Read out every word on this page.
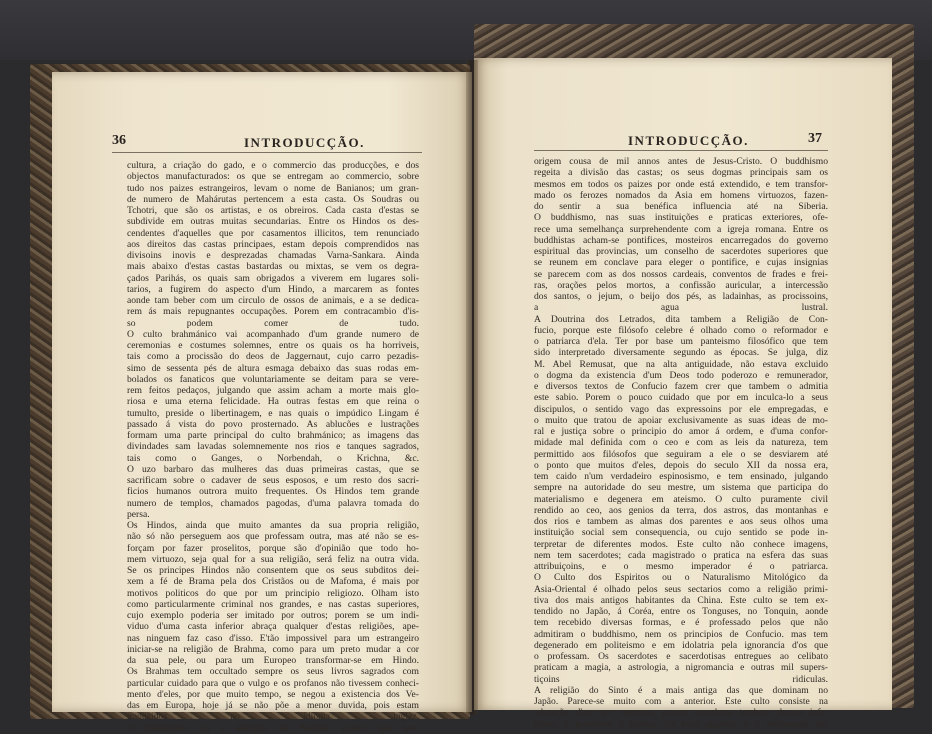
36	INTRODUCÇÃO.	37
INTRODUCÇÃO.
cultura, a criação do gado, e o commercio das producções, e dos
objectos manufacturados: os que se entregam ao commercio, sobre
tudo nos paizes estrangeiros, levam o nome de Banianos; um gran-
de numero de Mahárutas pertencem a esta casta. Os Soudras ou
Tchotri, que são os artistas, e os obreiros. Cada casta d'estas se
subdivide em outras muitas secundarias. Entre os Hindos os des-
cendentes d'aquelles que por casamentos illicitos, tem renunciado
aos direitos das castas principaes, estam depois comprendidos nas
divisoins inovis e desprezadas chamadas Varna-Sankara. Ainda
mais abaixo d'estas castas bastardas ou mixtas, se vem os degra-
çados Parihás, os quais sam obrigados a viverem em lugares soli-
tarios, a fugirem do aspecto d'um Hindo, a marcarem as fontes
aonde tam beber com um circulo de ossos de animais, e a se dedica-
rem ás mais repugnantes occupações. Porem em contracambio d'is-
so podem comer de tudo.
O culto brahmánico vai acompanhado d'um grande numero de
ceremonias e costumes solemnes, entre os quais os ha horriveis,
tais como a procissão do deos de Jaggernaut, cujo carro pezadis-
simo de sessenta pés de altura esmaga debaixo das suas rodas em-
bolados os fanaticos que voluntariamente se deitam para se vere-
rem feitos pedaços, julgando que assim acham a morte mais glo-
riosa e uma eterna felicidade. Ha outras festas em que reina o
tumulto, preside o libertinagem, e nas quais o impúdico Lingam é
passado á vista do povo prosternado. As ablucões e lustrações
formam uma parte principal do culto brahmánico; as imagens das
divindades sam lavadas solemnemente nos rios e tanques sagrados,
tais como o Ganges, o Norbendah, o Krichna, &c.
O uzo barbaro das mulheres das duas primeiras castas, que se
sacrificam sobre o cadaver de seus esposos, e um resto dos sacri-
ficios humanos outrora muito frequentes. Os Hindos tem grande
numero de templos, chamados pagodas, d'uma palavra tomada do
persa.
Os Hindos, ainda que muito amantes da sua propria religião,
não só não perseguem aos que professam outra, mas até não se es-
forçam por fazer proselitos, porque são d'opinião que todo ho-
mem virtuozo, seja qual for a sua religião, será feliz na outra vida.
Se os principes Hindos não consentem que os seus subditos dei-
xem a fé de Brama pela dos Cristãos ou de Mafoma, é mais por
motivos politicos do que por um principio religiozo. Olham isto
como particularmente criminal nos grandes, e nas castas superiores,
cujo exemplo poderia ser imitado por outros; porem se um indi-
viduo d'uma casta inferior abraça qualquer d'estas religiões, ape-
nas ninguem faz caso d'isso. E'tão impossivel para um estrangeiro
iniciar-se na religião de Brahma, como para um preto mudar a cor
da sua pele, ou para um Europeo transformar-se em Hindo.
Os Brahmas tem occultado sempre os seus livros sagrados com
particular cuidado para que o vulgo e os profanos não tivessem conheci-
mento d'eles, por que muito tempo, se negou a existencia dos Ve-
das em Europa, hoje já se não põe a menor duvida, pois estam
traduzidos no idioma inglez.
O Buddhismo ou a Religião de Buddha, parece que teve
origem cousa de mil annos antes de Jesus-Cristo. O buddhismo
regeita a divisão das castas; os seus dogmas principais sam os
mesmos em todos os paizes por onde está extendido, e tem transfor-
mado os ferozes nomados da Asia em homens virtuozos, fazen-
do sentir a sua benéfica influencia até na Siberia.
O buddhismo, nas suas instituições e praticas exteriores, ofe-
rece uma semelhança surprehendente com a igreja romana. Entre os
buddhistas acham-se pontifices, mosteiros encarregados do governo
espiritual das provincias, um conselho de sacerdotes superiores que
se reunem em conclave para eleger o pontifice, e cujas insignias
se parecem com as dos nossos cardeais, conventos de frades e frei-
ras, orações pelos mortos, a confissão auricular, a intercessão
dos santos, o jejum, o beijo dos pés, as ladainhas, as procissoins,
a agua lustral.
A Doutrina dos Letrados, dita tambem a Religião de Con-
fucio, porque este filósofo celebre é olhado como o reformador e
o patriarca d'ela. Ter por base um panteismo filosófico que tem
sido interpretado diversamente segundo as épocas. Se julga, diz
M. Abel Remusat, que na alta antiguidade, não estava excluido
o dogma da existencia d'um Deos todo poderozo e remunerador,
e diversos textos de Confucio fazem crer que tambem o admitia
este sabio. Porem o pouco cuidado que por em inculca-lo a seus
discipulos, o sentido vago das expressoins por ele empregadas, e
o muito que tratou de apoiar exclusivamente as suas ideas de mo-
ral e justiça sobre o principio do amor á ordem, e d'uma confor-
midade mal definida com o ceo e com as leis da natureza, tem
permittido aos filósofos que seguiram a ele o se desviarem até
o ponto que muitos d'eles, depois do seculo XII da nossa era,
tem caido n'um verdadeiro espinosismo, e tem ensinado, julgando
sempre na autoridade do seu mestre, um sistema que participa do
materialismo e degenera em ateismo. O culto puramente civil
rendido ao ceo, aos genios da terra, dos astros, das montanhas e
dos rios e tambem as almas dos parentes e aos seus olhos uma
instituição social sem consequencia, ou cujo sentido se pode in-
terpretar de diferentes modos. Este culto não conhece imagens,
nem tem sacerdotes; cada magistrado o pratica na esfera das suas
attribuiçoins, e o mesmo imperador é o patriarca.
O Culto dos Espiritos ou o Naturalismo Mitológico da
Asia-Oriental é olhado pelos seus sectarios como a religião primi-
tiva dos mais antigos habitantes da China. Este culto se tem ex-
tendido no Japão, á Coréa, entre os Tonguses, no Tonquin, aonde
tem recebido diversas formas, e é professado pelos que não
admitiram o buddhismo, nem os principios de Confucio. mas tem
degenerado em politeismo e em idolatria pela ignorancia d'os que
o professam. Os sacerdotes e sacerdotisas entregues ao celibato
praticam a magia, a astrologia, a nigromancia e outras mil supers-
tiçoins ridiculas.
A religião do Sinto é a mais antiga das que dominam no
Japão. Parece-se muito com a anterior. Este culto consiste na
adoração d'um ser supremo, porem reconhece tambem deoses infe-
riores, e prescreve a pratica das boas acçoins, e a abstinencia das
